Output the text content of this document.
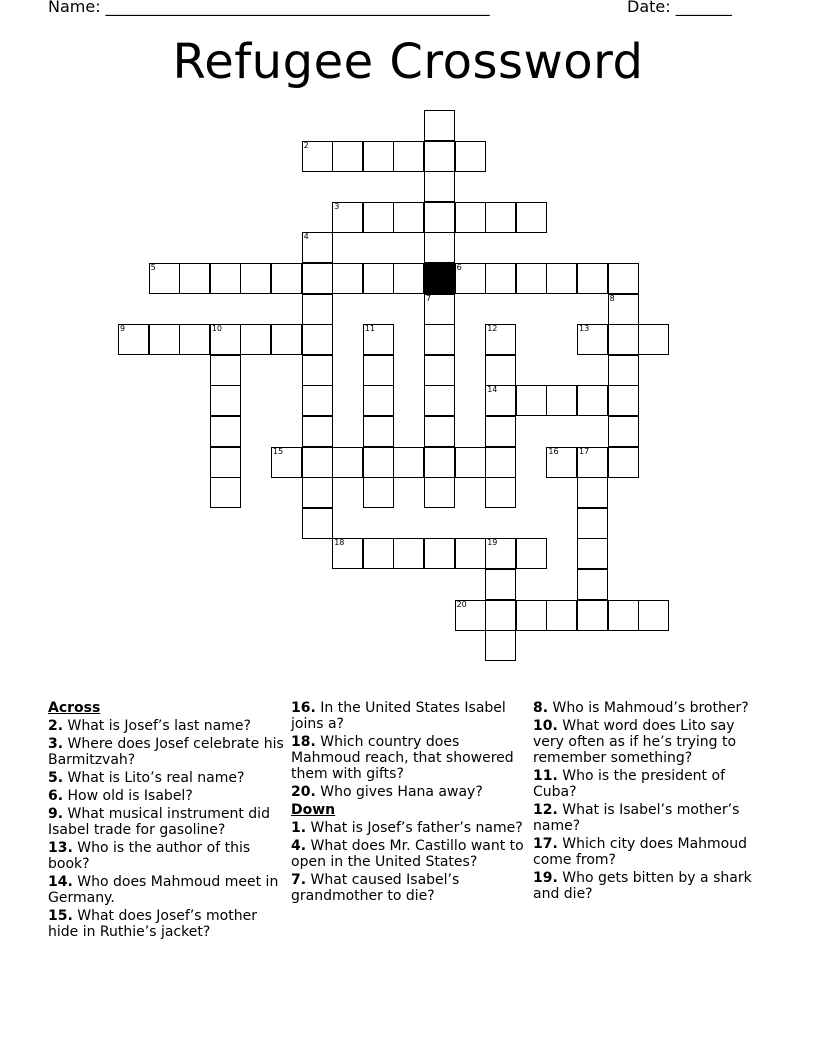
Name: ________________________________________________	Date: _______
Refugee Crossword
2
3
4
5	6
7	8
9	10	11	12	13
14
15	16	17
18	19
20
Across
2. What is Josef’s last name?
3. Where does Josef celebrate his Barmitzvah?
5. What is Lito’s real name?
6. How old is Isabel?
9. What musical instrument did Isabel trade for gasoline?
13. Who is the author of this book?
14. Who does Mahmoud meet in Germany.
15. What does Josef’s mother hide in Ruthie’s jacket?
16. In the United States Isabel joins a?
18. Which country does Mahmoud reach, that showered them with gifts?
20. Who gives Hana away?
Down
1. What is Josef’s father’s name?
4. What does Mr. Castillo want to open in the United States?
7. What caused Isabel’s grandmother to die?
8. Who is Mahmoud’s brother?
10. What word does Lito say very often as if he’s trying to remember something?
11. Who is the president of Cuba?
12. What is Isabel’s mother’s name?
17. Which city does Mahmoud come from?
19. Who gets bitten by a shark and die?
